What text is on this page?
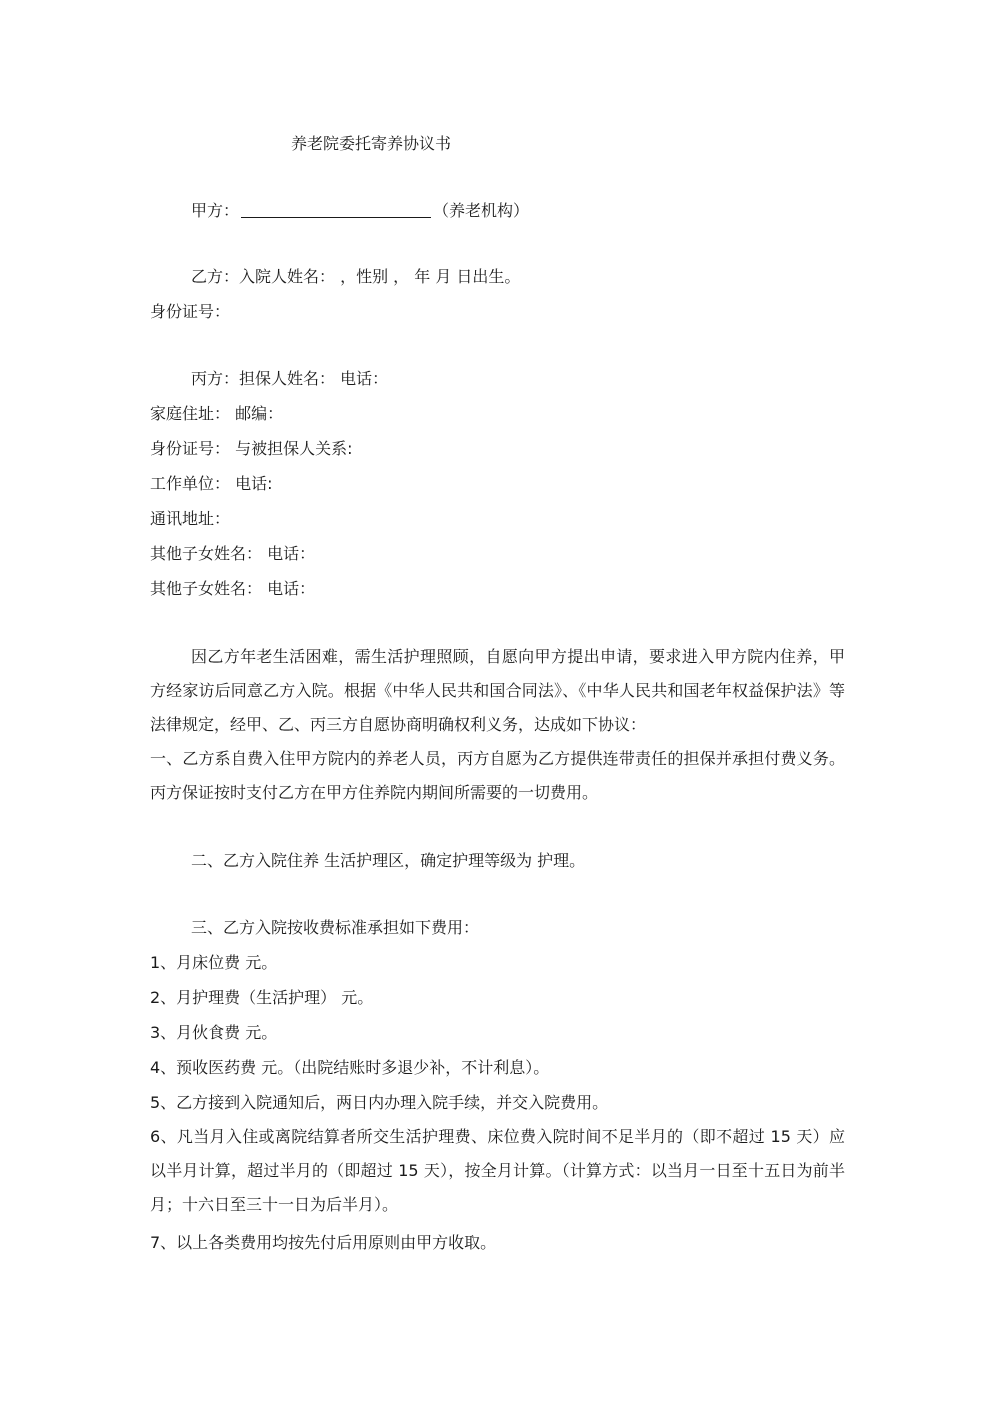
养老院委托寄养协议书
甲方：	（养老机构）
乙方：入院人姓名： ，性别 ， 年 月 日出生。
身份证号：
丙方：担保人姓名： 电话：
家庭住址： 邮编：
身份证号： 与被担保人关系:
工作单位： 电话:
通讯地址：
其他子女姓名： 电话：
其他子女姓名： 电话：
因乙方年老生活困难，需生活护理照顾，自愿向甲方提出申请，要求进入甲方院内住养，甲方经家访后同意乙方入院。根据《中华人民共和国合同法》、《中华人民共和国老年权益保护法》等法律规定，经甲、乙、丙三方自愿协商明确权利义务，达成如下协议：
一、乙方系自费入住甲方院内的养老人员，丙方自愿为乙方提供连带责任的担保并承担付费义务。丙方保证按时支付乙方在甲方住养院内期间所需要的一切费用。
二、乙方入院住养 生活护理区，确定护理等级为 护理。
三、乙方入院按收费标准承担如下费用：
1、月床位费 元。
2、月护理费（生活护理） 元。
3、月伙食费 元。
4、预收医药费 元。（出院结账时多退少补，不计利息）。
5、乙方接到入院通知后，两日内办理入院手续，并交入院费用。
6、凡当月入住或离院结算者所交生活护理费、床位费入院时间不足半月的（即不超过 15 天）应以半月计算，超过半月的（即超过 15 天），按全月计算。（计算方式：以当月一日至十五日为前半月；十六日至三十一日为后半月）。
7、以上各类费用均按先付后用原则由甲方收取。
